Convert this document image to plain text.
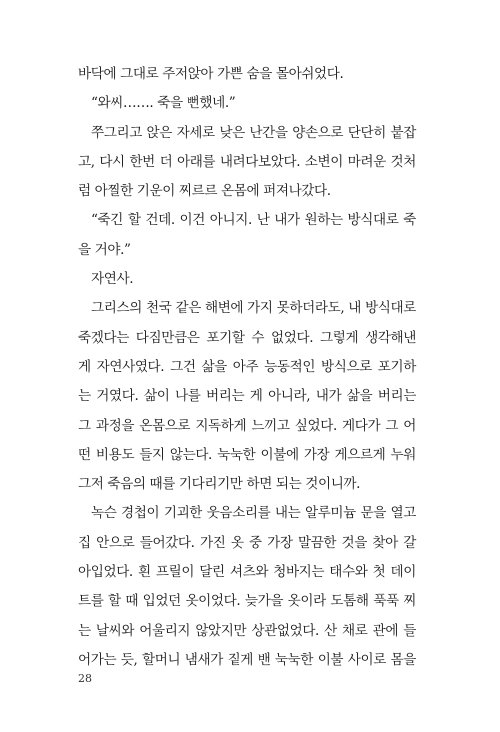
바닥에 그대로 주저앉아 가쁜 숨을 몰아쉬었다.
“와씨……. 죽을 뻔했네.”
쭈그리고 앉은 자세로 낮은 난간을 양손으로 단단히 붙잡
고, 다시 한번 더 아래를 내려다보았다. 소변이 마려운 것처
럼 아찔한 기운이 찌르르 온몸에 퍼져나갔다.
“죽긴 할 건데. 이건 아니지. 난 내가 원하는 방식대로 죽
을 거야.”
자연사.
그리스의 천국 같은 해변에 가지 못하더라도, 내 방식대로
죽겠다는 다짐만큼은 포기할 수 없었다. 그렇게 생각해낸
게 자연사였다. 그건 삶을 아주 능동적인 방식으로 포기하
는 거였다. 삶이 나를 버리는 게 아니라, 내가 삶을 버리는
그 과정을 온몸으로 지독하게 느끼고 싶었다. 게다가 그 어
떤 비용도 들지 않는다. 눅눅한 이불에 가장 게으르게 누워
그저 죽음의 때를 기다리기만 하면 되는 것이니까.
녹슨 경첩이 기괴한 웃음소리를 내는 알루미늄 문을 열고
집 안으로 들어갔다. 가진 옷 중 가장 말끔한 것을 찾아 갈
아입었다. 흰 프릴이 달린 셔츠와 청바지는 태수와 첫 데이
트를 할 때 입었던 옷이었다. 늦가을 옷이라 도톰해 푹푹 찌
는 날씨와 어울리지 않았지만 상관없었다. 산 채로 관에 들
어가는 듯, 할머니 냄새가 짙게 밴 눅눅한 이불 사이로 몸을
28
